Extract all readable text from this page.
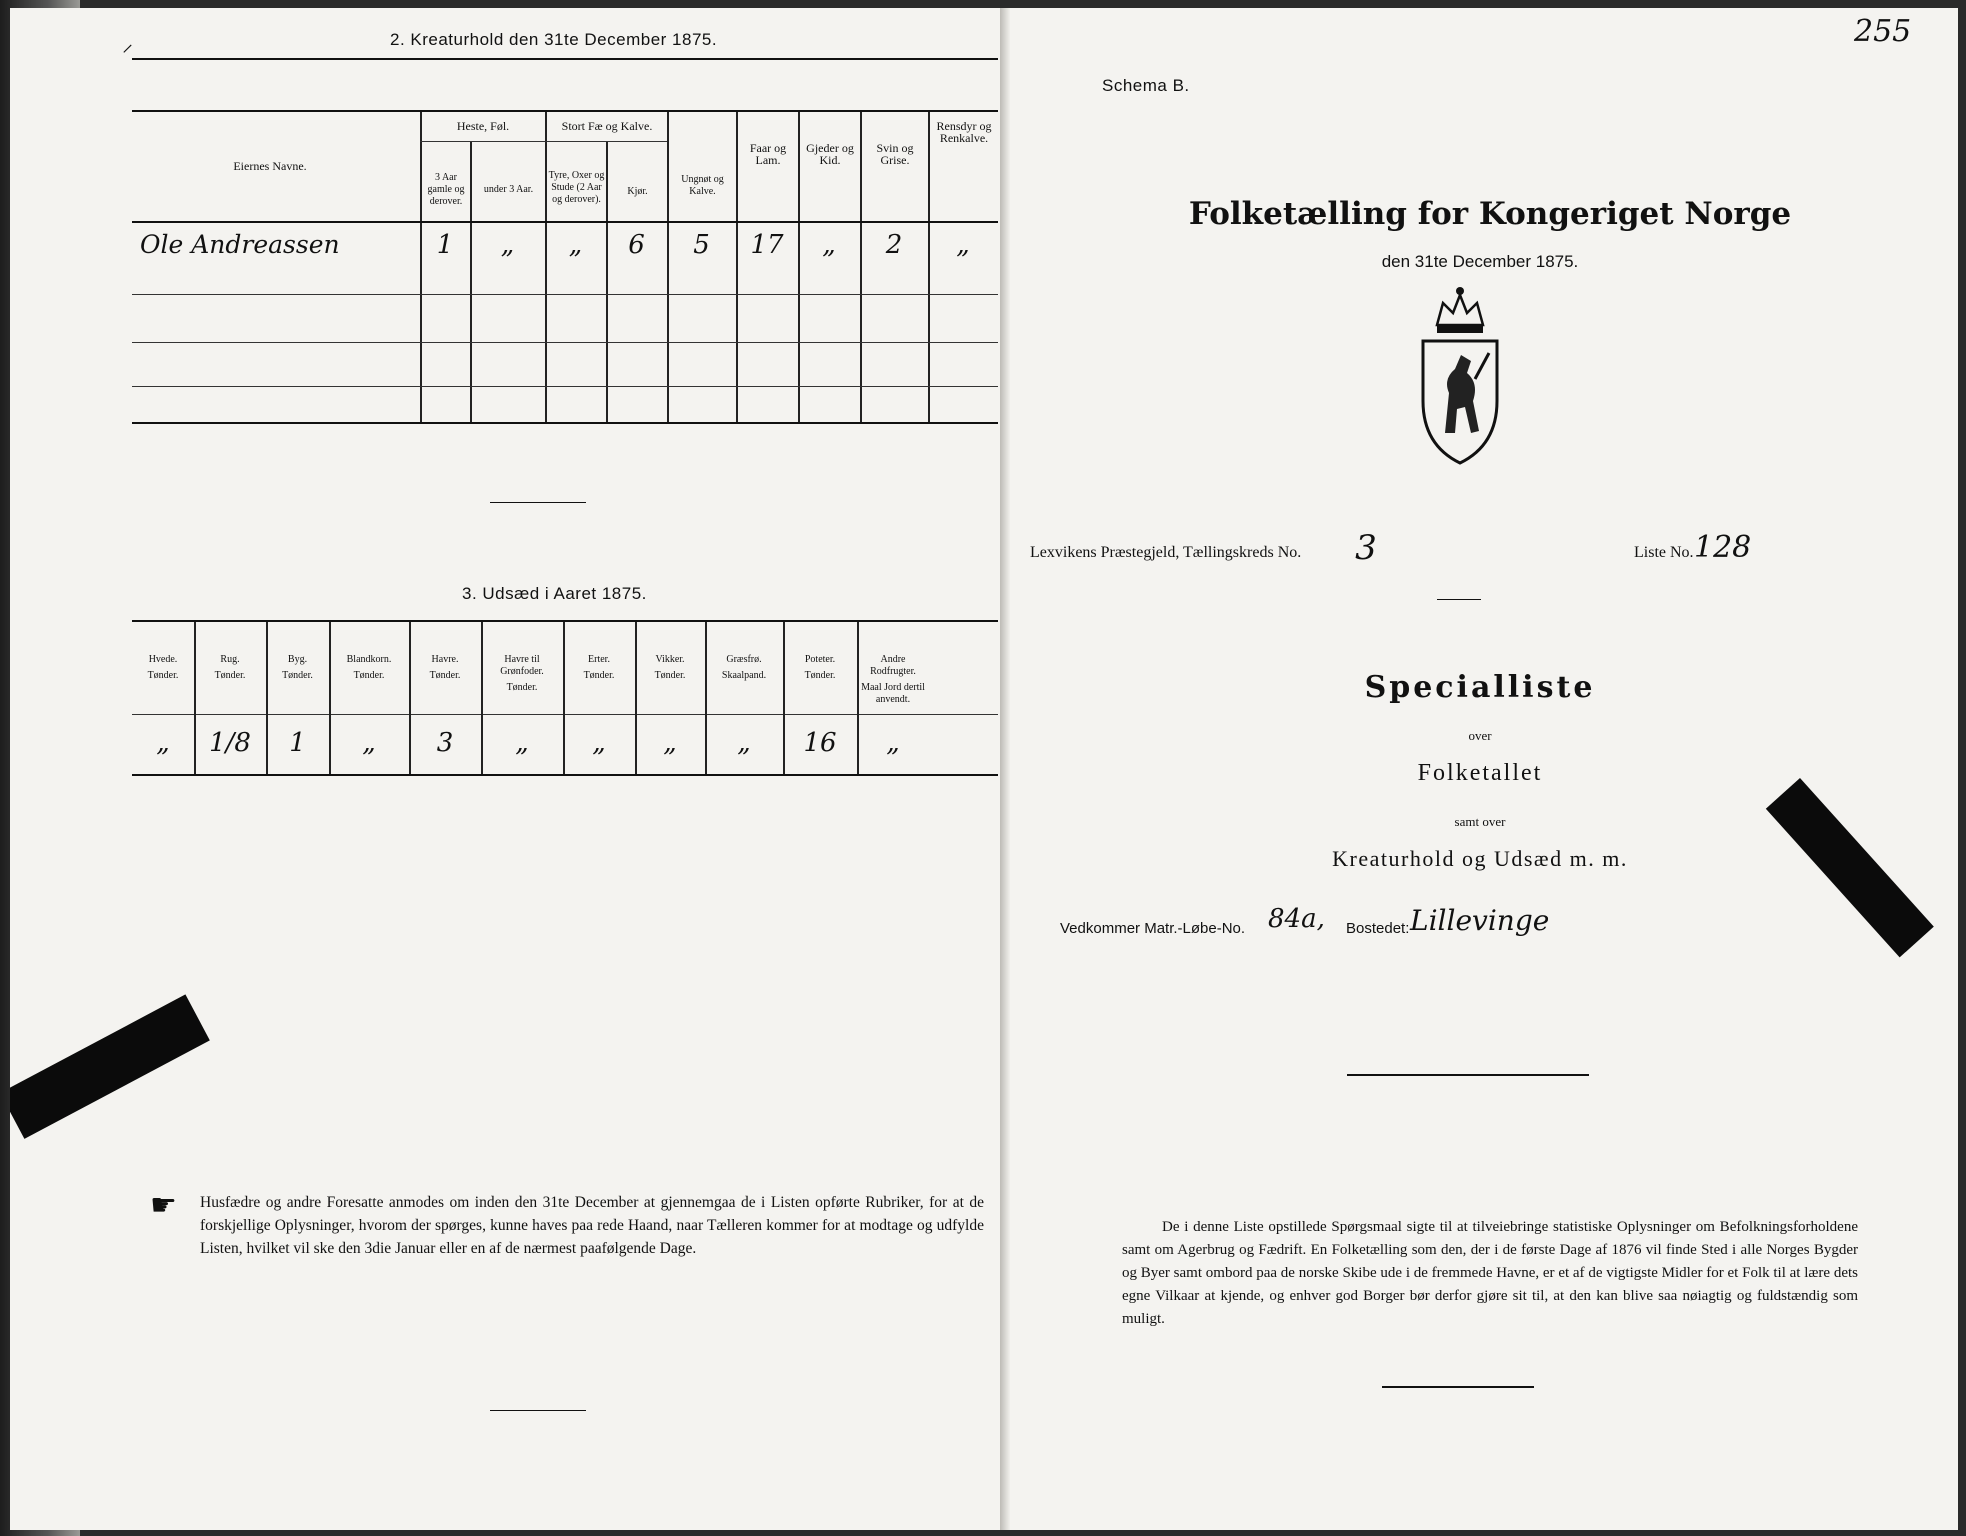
⸝	2. Kreaturhold den 31te December 1875.
Eiernes Navne.
Heste, Føl.	Stort Fæ og Kalve.
3 Aar gamle og derover.
under 3 Aar.
Tyre, Oxer og Stude (2 Aar og derover).
Kjør.
Ungnøt og Kalve.
Faar og Lam.
Gjeder og Kid.
Svin og Grise.
Rensdyr og Renkalve.
Ole Andreassen	1	„	„	6	5	17	„	2	„
3. Udsæd i Aaret 1875.
Hvede.
Tønder.
Rug.
Tønder.
Byg.
Tønder.
Blandkorn.
Tønder.
Havre.
Tønder.
Havre til Grønfoder.
Tønder.
Erter.
Tønder.
Vikker.
Tønder.
Græsfrø.
Skaalpand.
Poteter.
Tønder.
Andre Rodfrugter.
Maal Jord dertil anvendt.
„	1/8	1	„	3	„	„	„	„	16	„
☛ Husfædre og andre Foresatte anmodes om inden den 31te December at gjennemgaa de i Listen opførte Rubriker, for at de forskjellige Oplysninger, hvorom der spørges, kunne haves paa rede Haand, naar Tælleren kommer for at modtage og udfylde Listen, hvilket vil ske den 3die Januar eller en af de nærmest paafølgende Dage.
255
Schema B.
Folketælling for Kongeriget Norge
den 31te December 1875.
Lexvikens Præstegjeld, Tællingskreds No. 3	Liste No. 128
Specialliste
over
Folketallet
samt over
Kreaturhold og Udsæd m. m.
Vedkommer Matr.-Løbe-No. 84a,	Bostedet: Lillevinge
De i denne Liste opstillede Spørgsmaal sigte til at tilveiebringe statistiske Oplysninger om Befolkningsforholdene samt om Agerbrug og Fædrift. En Folketælling som den, der i de første Dage af 1876 vil finde Sted i alle Norges Bygder og Byer samt ombord paa de norske Skibe ude i de fremmede Havne, er et af de vigtigste Midler for et Folk til at lære dets egne Vilkaar at kjende, og enhver god Borger bør derfor gjøre sit til, at den kan blive saa nøiagtig og fuldstændig som muligt.
